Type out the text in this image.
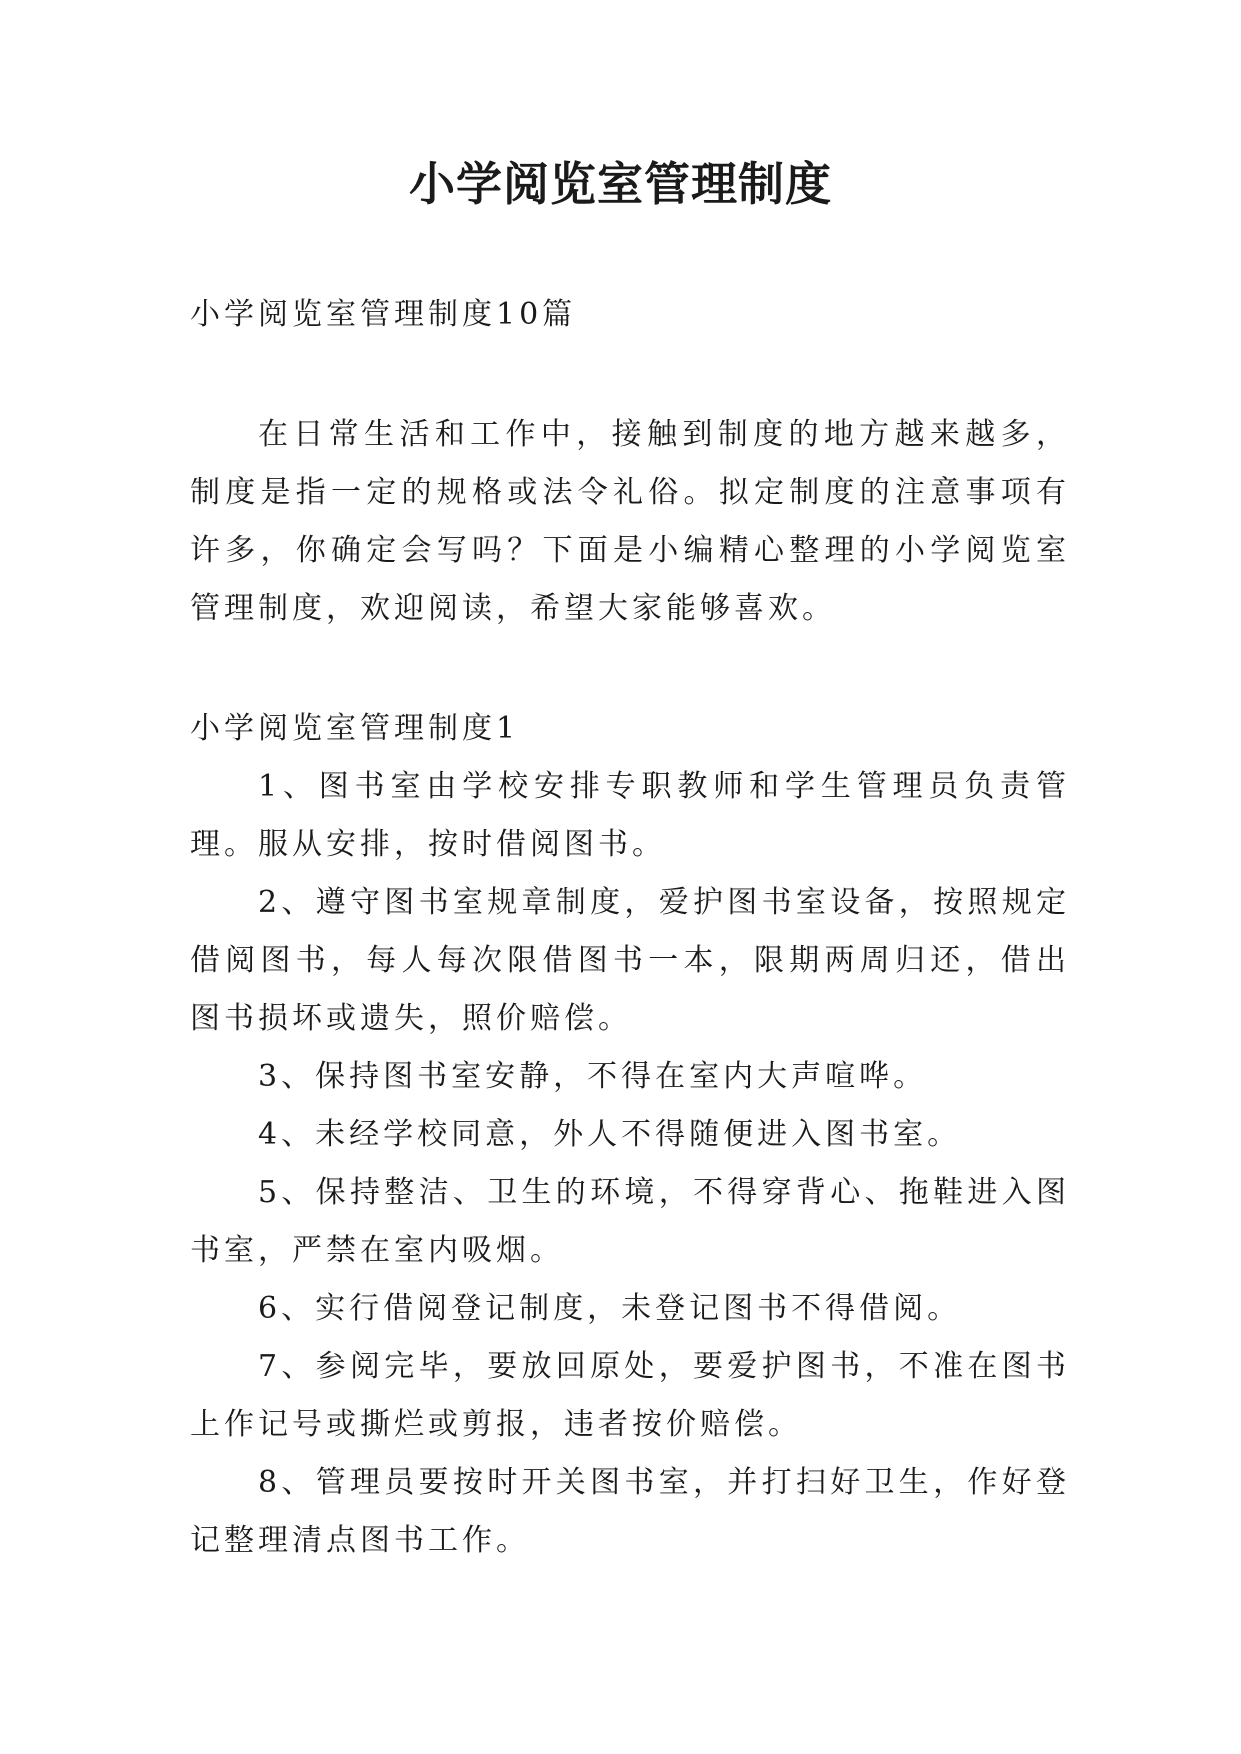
小学阅览室管理制度

小学阅览室管理制度10篇

在日常生活和工作中，接触到制度的地方越来越多，制度是指一定的规格或法令礼俗。拟定制度的注意事项有许多，你确定会写吗？下面是小编精心整理的小学阅览室管理制度，欢迎阅读，希望大家能够喜欢。

小学阅览室管理制度1

1、图书室由学校安排专职教师和学生管理员负责管理。服从安排，按时借阅图书。

2、遵守图书室规章制度，爱护图书室设备，按照规定借阅图书，每人每次限借图书一本，限期两周归还，借出图书损坏或遗失，照价赔偿。

3、保持图书室安静，不得在室内大声喧哗。

4、未经学校同意，外人不得随便进入图书室。

5、保持整洁、卫生的环境，不得穿背心、拖鞋进入图书室，严禁在室内吸烟。

6、实行借阅登记制度，未登记图书不得借阅。

7、参阅完毕，要放回原处，要爱护图书，不准在图书上作记号或撕烂或剪报，违者按价赔偿。

8、管理员要按时开关图书室，并打扫好卫生，作好登记整理清点图书工作。
